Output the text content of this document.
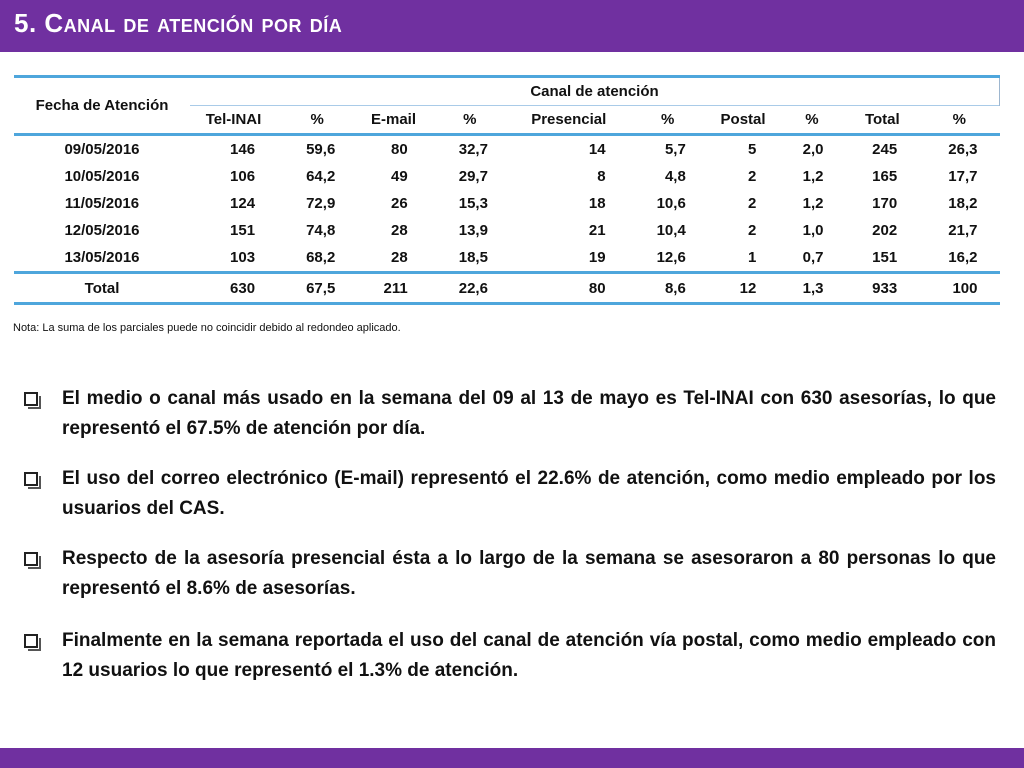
5. Canal de atención por día
Fecha de Atención	Canal de atención									
	Tel-INAI	%	E-mail	%	Presencial	%	Postal	%	Total	%
09/05/2016	146	59,6	80	32,7	14	5,7	5	2,0	245	26,3
10/05/2016	106	64,2	49	29,7	8	4,8	2	1,2	165	17,7
11/05/2016	124	72,9	26	15,3	18	10,6	2	1,2	170	18,2
12/05/2016	151	74,8	28	13,9	21	10,4	2	1,0	202	21,7
13/05/2016	103	68,2	28	18,5	19	12,6	1	0,7	151	16,2
Total	630	67,5	211	22,6	80	8,6	12	1,3	933	100
Nota: La suma de los parciales puede no coincidir debido al redondeo aplicado.
El medio o canal más usado en la semana del 09 al 13 de mayo es Tel-INAI con 630 asesorías, lo que representó el 67.5% de atención por día.
El uso del correo electrónico (E-mail) representó el 22.6% de atención, como medio empleado por los usuarios del CAS.
Respecto de la asesoría presencial ésta a lo largo de la semana se asesoraron a 80 personas lo que representó el 8.6% de asesorías.
Finalmente en la semana reportada el uso del canal de atención vía postal, como medio empleado con 12 usuarios lo que representó el 1.3% de atención.
